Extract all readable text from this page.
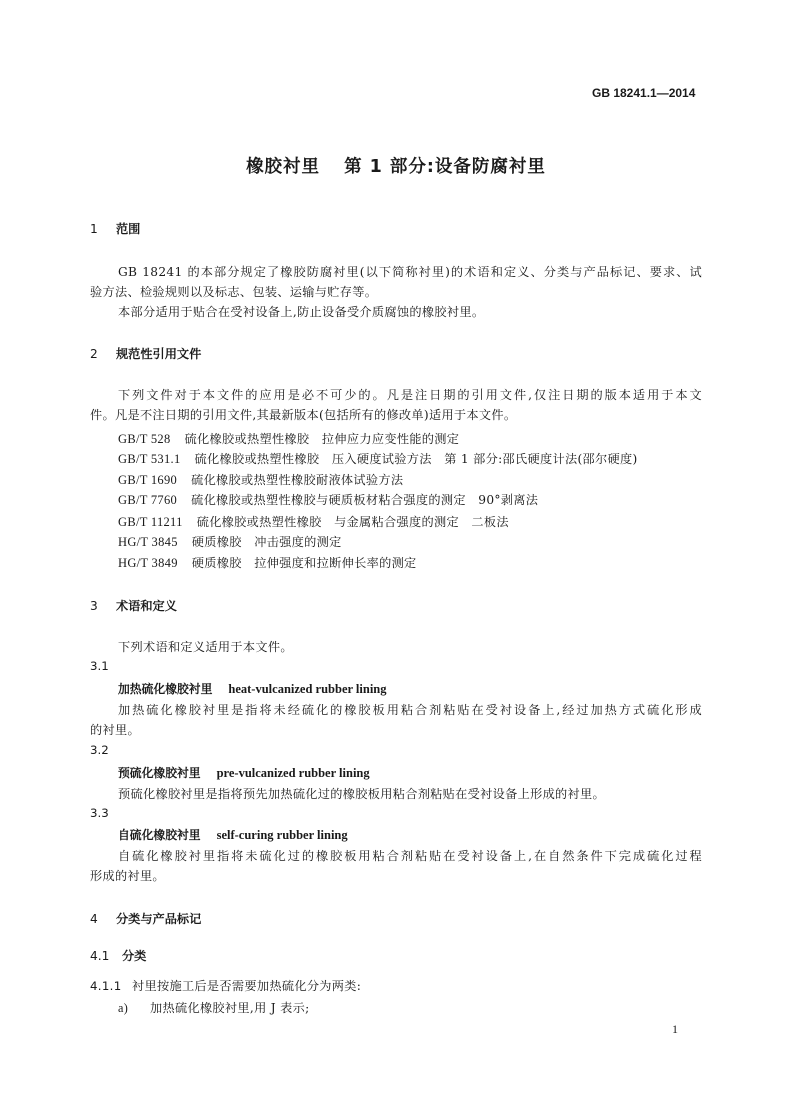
GB 18241.1—2014
橡胶衬里 第 1 部分:设备防腐衬里
1 范围
GB 18241 的本部分规定了橡胶防腐衬里(以下简称衬里)的术语和定义、分类与产品标记、要求、试
验方法、检验规则以及标志、包装、运输与贮存等。
本部分适用于贴合在受衬设备上,防止设备受介质腐蚀的橡胶衬里。
2 规范性引用文件
下列文件对于本文件的应用是必不可少的。凡是注日期的引用文件,仅注日期的版本适用于本文
件。凡是不注日期的引用文件,其最新版本(包括所有的修改单)适用于本文件。
GB/T 528 硫化橡胶或热塑性橡胶　拉伸应力应变性能的测定
GB/T 531.1 硫化橡胶或热塑性橡胶　压入硬度试验方法　第 1 部分:邵氏硬度计法(邵尔硬度)
GB/T 1690 硫化橡胶或热塑性橡胶耐液体试验方法
GB/T 7760 硫化橡胶或热塑性橡胶与硬质板材粘合强度的测定　90°剥离法
GB/T 11211 硫化橡胶或热塑性橡胶　与金属粘合强度的测定　二板法
HG/T 3845 硬质橡胶　冲击强度的测定
HG/T 3849 硬质橡胶　拉伸强度和拉断伸长率的测定
3 术语和定义
下列术语和定义适用于本文件。
3.1
加热硫化橡胶衬里 heat-vulcanized rubber lining
加热硫化橡胶衬里是指将未经硫化的橡胶板用粘合剂粘贴在受衬设备上,经过加热方式硫化形成
的衬里。
3.2
预硫化橡胶衬里 pre-vulcanized rubber lining
预硫化橡胶衬里是指将预先加热硫化过的橡胶板用粘合剂粘贴在受衬设备上形成的衬里。
3.3
自硫化橡胶衬里 self-curing rubber lining
自硫化橡胶衬里指将未硫化过的橡胶板用粘合剂粘贴在受衬设备上,在自然条件下完成硫化过程
形成的衬里。
4 分类与产品标记
4.1 分类
4.1.1 衬里按施工后是否需要加热硫化分为两类:
a) 加热硫化橡胶衬里,用 J 表示;
1
